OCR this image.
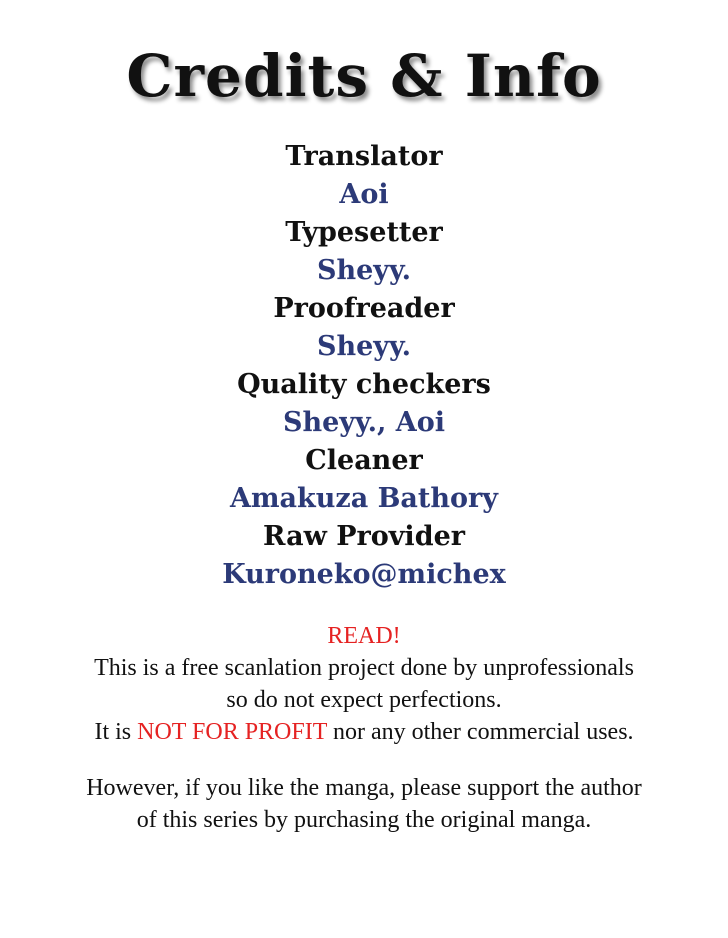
Credits & Info
Translator
Aoi
Typesetter
Sheyy.
Proofreader
Sheyy.
Quality checkers
Sheyy., Aoi
Cleaner
Amakuza Bathory
Raw Provider
Kuroneko@michex
READ!
This is a free scanlation project done by unprofessionals
so do not expect perfections.
It is NOT FOR PROFIT nor any other commercial uses.
However, if you like the manga, please support the author
of this series by purchasing the original manga.
